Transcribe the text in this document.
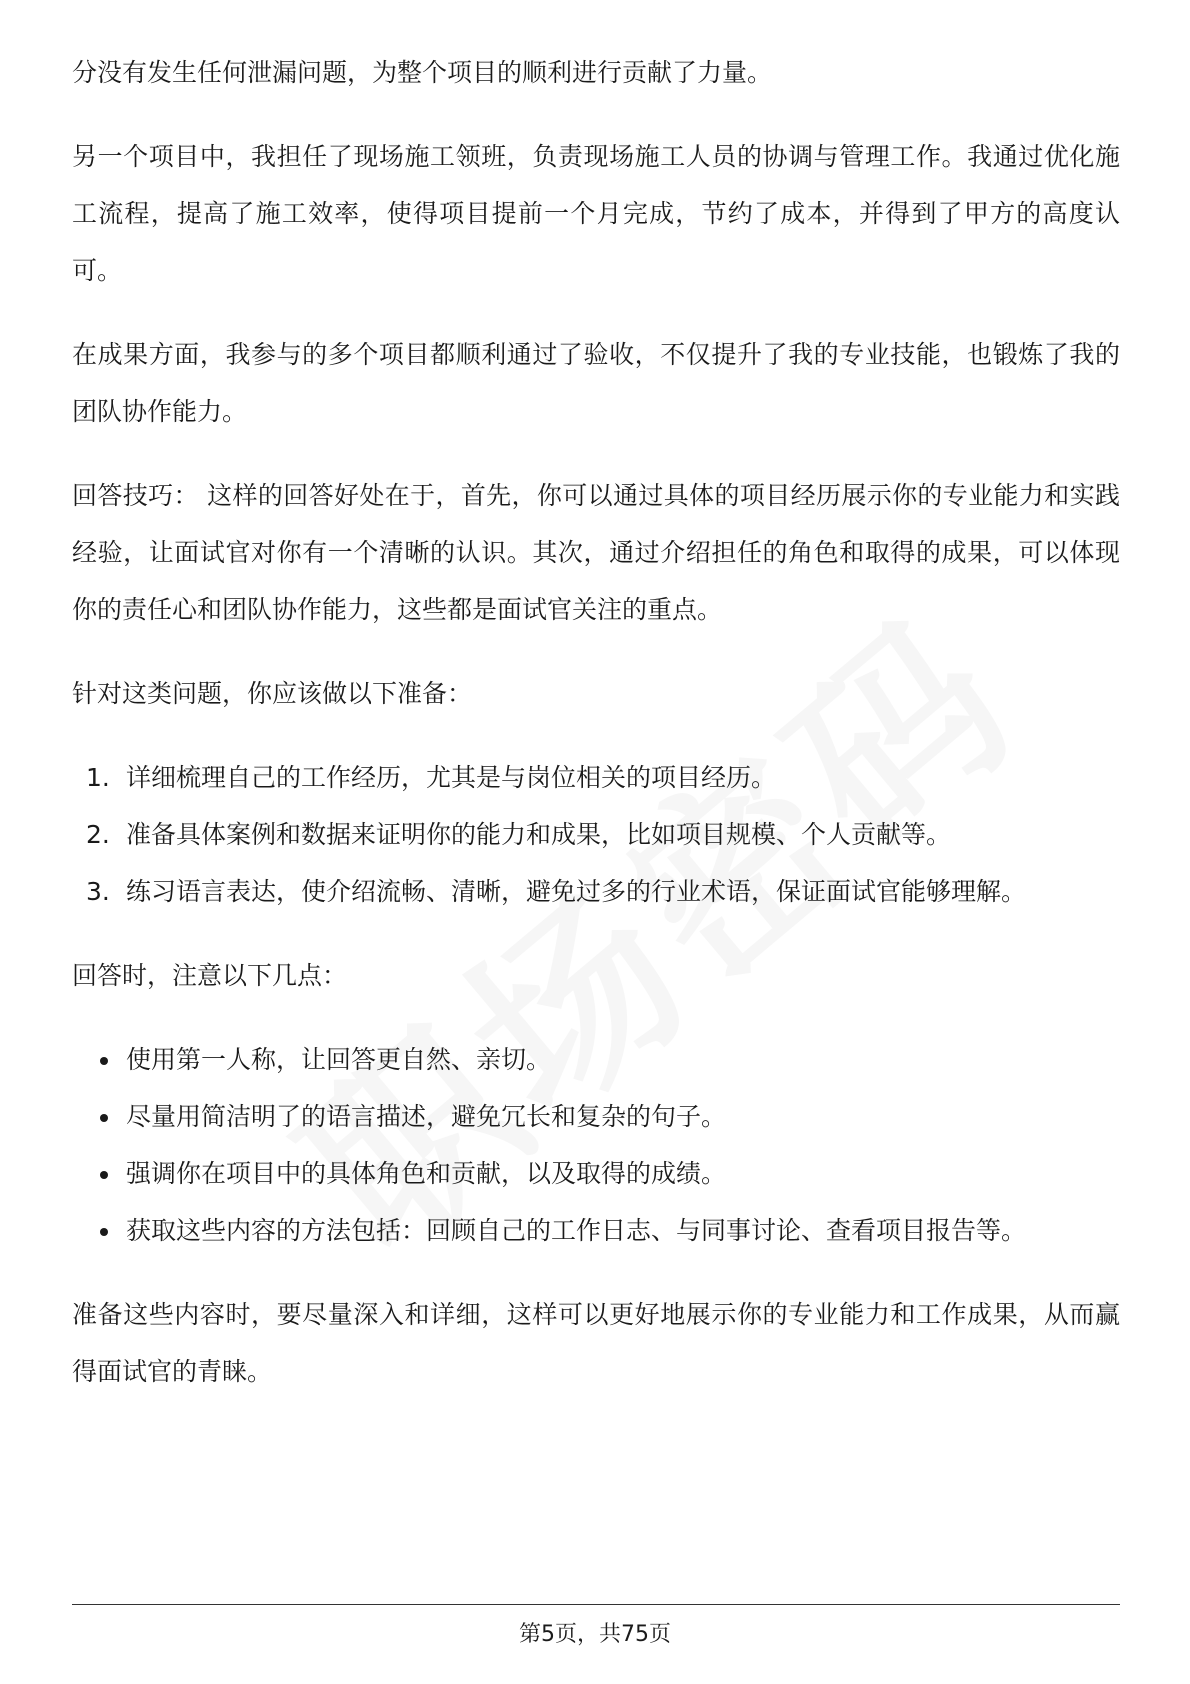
分没有发生任何泄漏问题，为整个项目的顺利进行贡献了力量。

另一个项目中，我担任了现场施工领班，负责现场施工人员的协调与管理工作。我通过优化施工流程，提高了施工效率，使得项目提前一个月完成，节约了成本，并得到了甲方的高度认可。

在成果方面，我参与的多个项目都顺利通过了验收，不仅提升了我的专业技能，也锻炼了我的团队协作能力。

回答技巧： 这样的回答好处在于，首先，你可以通过具体的项目经历展示你的专业能力和实践经验，让面试官对你有一个清晰的认识。其次，通过介绍担任的角色和取得的成果，可以体现你的责任心和团队协作能力，这些都是面试官关注的重点。

针对这类问题，你应该做以下准备：

1. 详细梳理自己的工作经历，尤其是与岗位相关的项目经历。
2. 准备具体案例和数据来证明你的能力和成果，比如项目规模、个人贡献等。
3. 练习语言表达，使介绍流畅、清晰，避免过多的行业术语，保证面试官能够理解。

回答时，注意以下几点：

使用第一人称，让回答更自然、亲切。
尽量用简洁明了的语言描述，避免冗长和复杂的句子。
强调你在项目中的具体角色和贡献，以及取得的成绩。
获取这些内容的方法包括：回顾自己的工作日志、与同事讨论、查看项目报告等。

准备这些内容时，要尽量深入和详细，这样可以更好地展示你的专业能力和工作成果，从而赢得面试官的青睐。

第5页，共75页
